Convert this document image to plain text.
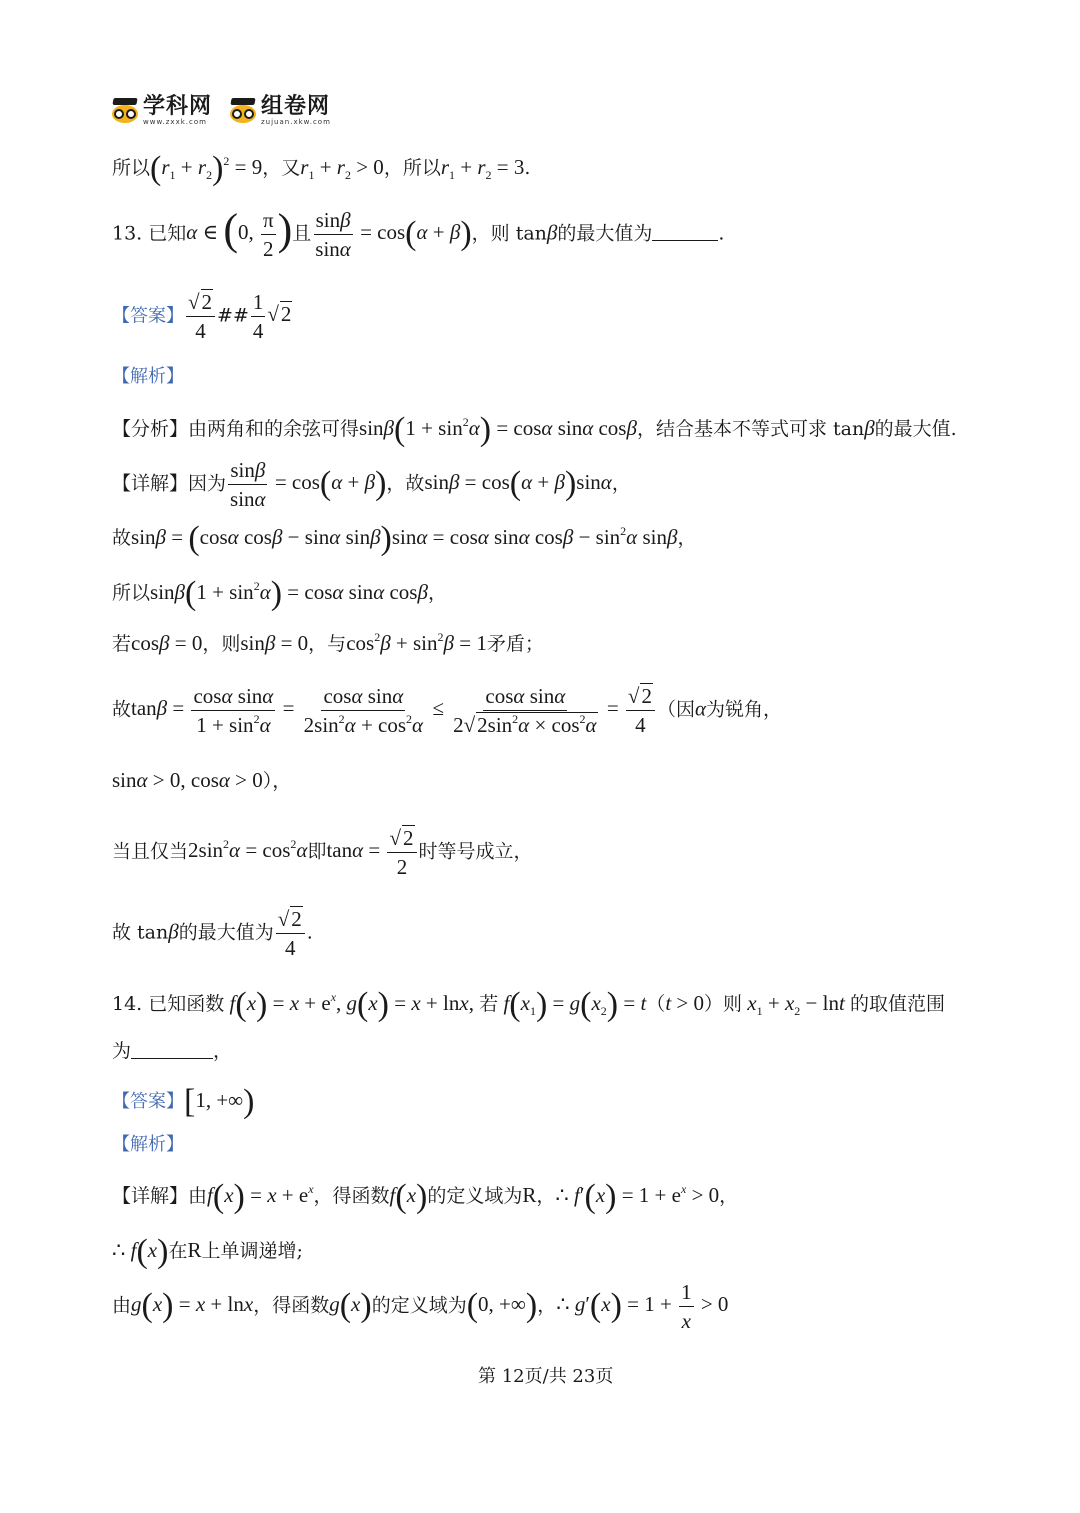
学科网
www.zxxk.com
组卷网
zujuan.xkw.com
所以$(r_1 + r_2)^2 = 9$，又$r_1 + r_2 > 0$，所以$r_1 + r_2 = 3$.
13. 已知α ∈ (0, $\frac{\pi}{2}$ )且 $\frac{\sin\beta}{\sin\alpha} = \cos(\alpha + \beta)$，则 tanβ的最大值为	.
【答案】 $\frac{√2}{4}$ ## $\frac{1}{4} √2$
【解析】
【分析】由两角和的余弦可得$\sin\beta(1 + \sin^2\alpha) = \cos\alpha$ sinα cosβ，结合基本不等式可求 tanβ的最大值.
【详解】因为 $\frac{\sin\beta}{\sin\alpha} = \cos(\alpha + \beta)$，故sinβ = cos(α + β)sinα，
故sinβ = (cosα cosβ − sinα sinβ)sinα = cosα sinα $\cos\beta - \sin^2\alpha$ sinβ，
所以$\sin\beta(1 + \sin^2\alpha) = \cos\alpha$ sinα cosβ，
若cosβ = 0，则sinβ = 0，与$\cos^2\beta + \sin^2\beta = 1$矛盾；
故$\tan\beta = \frac{\text{cosα sinα}}{1 + \sin^2\alpha} = \frac{\text{cosα sinα}}{2\sin^2\alpha + \cos^2\alpha} \le \frac{\text{cosα sinα}}{2√2\sin^2\alpha \times \cos^2\alpha} = \frac{√2}{4}$ （因α为锐角，
sinα > 0, cosα > 0），
当且仅当$2\sin^2\alpha = \cos^2\alpha$即$\tan\alpha = \frac{√2}{2}$ 时等号成立，
故 tanβ的最大值为 $\frac{√2}{4}$ .
14. 已知函数 $f(x) = x + e^x$, g(x) = x + lnx, 若 $f(x_1) = g(x_2) = t(t > 0)$则 $x_1 + x_2 - \ln t$ 的取值范围
为	，
【答案】[1, +∞)
【解析】
【详解】由$f(x) = x + e^x$，得函数f(x)的定义域为R，∴ $f'(x) = 1 + e^x > 0$，
∴ f(x)在R上单调递增;
由g(x) = x + lnx，得函数g(x)的定义域为(0, +∞)，∴ $g'(x) = 1 + \frac{1}{x} > 0$
第 12页/共 23页
